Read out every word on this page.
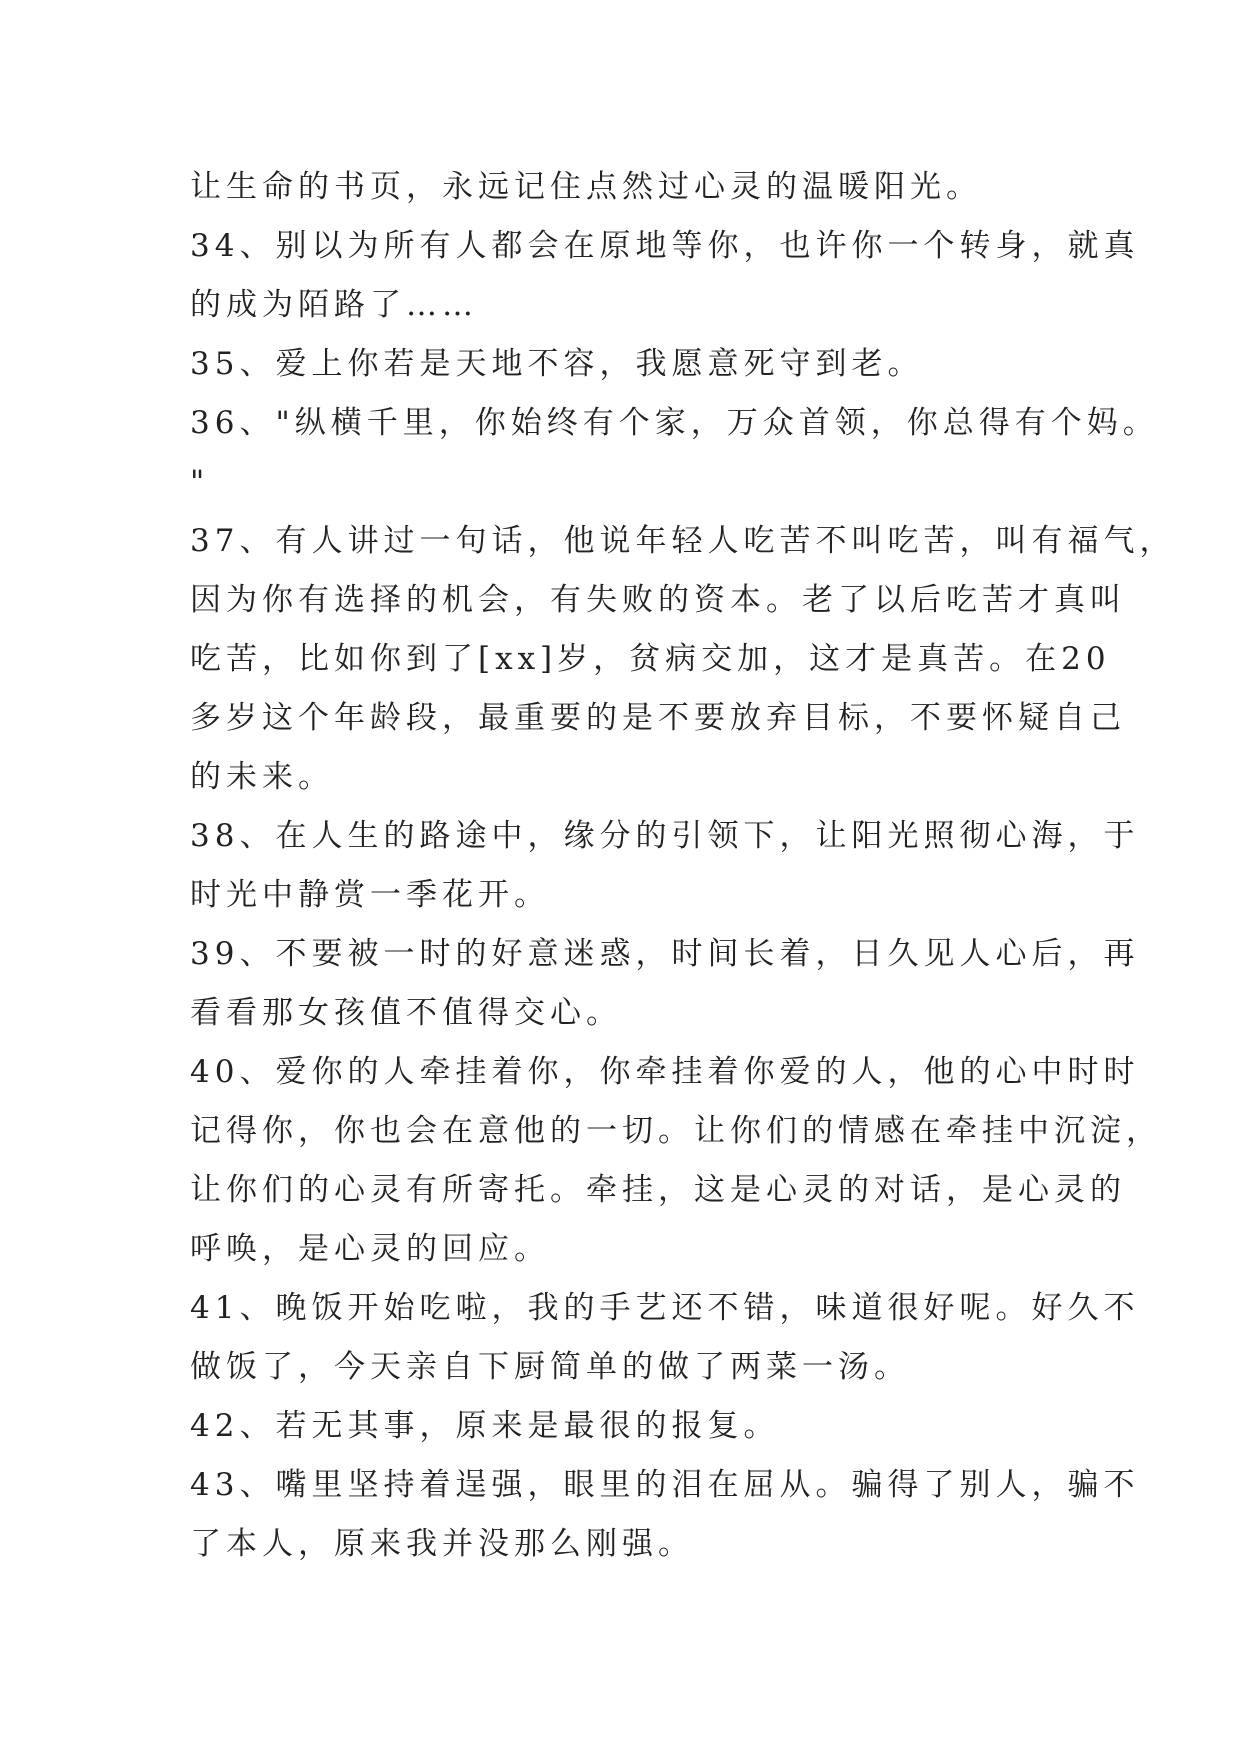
让生命的书页，永远记住点然过心灵的温暖阳光。
34、别以为所有人都会在原地等你，也许你一个转身，就真
的成为陌路了……
35、爱上你若是天地不容，我愿意死守到老。
36、"纵横千里，你始终有个家，万众首领，你总得有个妈。
"
37、有人讲过一句话，他说年轻人吃苦不叫吃苦，叫有福气，
因为你有选择的机会，有失败的资本。老了以后吃苦才真叫
吃苦，比如你到了[xx]岁，贫病交加，这才是真苦。在20
多岁这个年龄段，最重要的是不要放弃目标，不要怀疑自己
的未来。
38、在人生的路途中，缘分的引领下，让阳光照彻心海，于
时光中静赏一季花开。
39、不要被一时的好意迷惑，时间长着，日久见人心后，再
看看那女孩值不值得交心。
40、爱你的人牵挂着你，你牵挂着你爱的人，他的心中时时
记得你，你也会在意他的一切。让你们的情感在牵挂中沉淀，
让你们的心灵有所寄托。牵挂，这是心灵的对话，是心灵的
呼唤，是心灵的回应。
41、晚饭开始吃啦，我的手艺还不错，味道很好呢。好久不
做饭了，今天亲自下厨简单的做了两菜一汤。
42、若无其事，原来是最很的报复。
43、嘴里坚持着逞强，眼里的泪在屈从。骗得了别人，骗不
了本人，原来我并没那么刚强。
